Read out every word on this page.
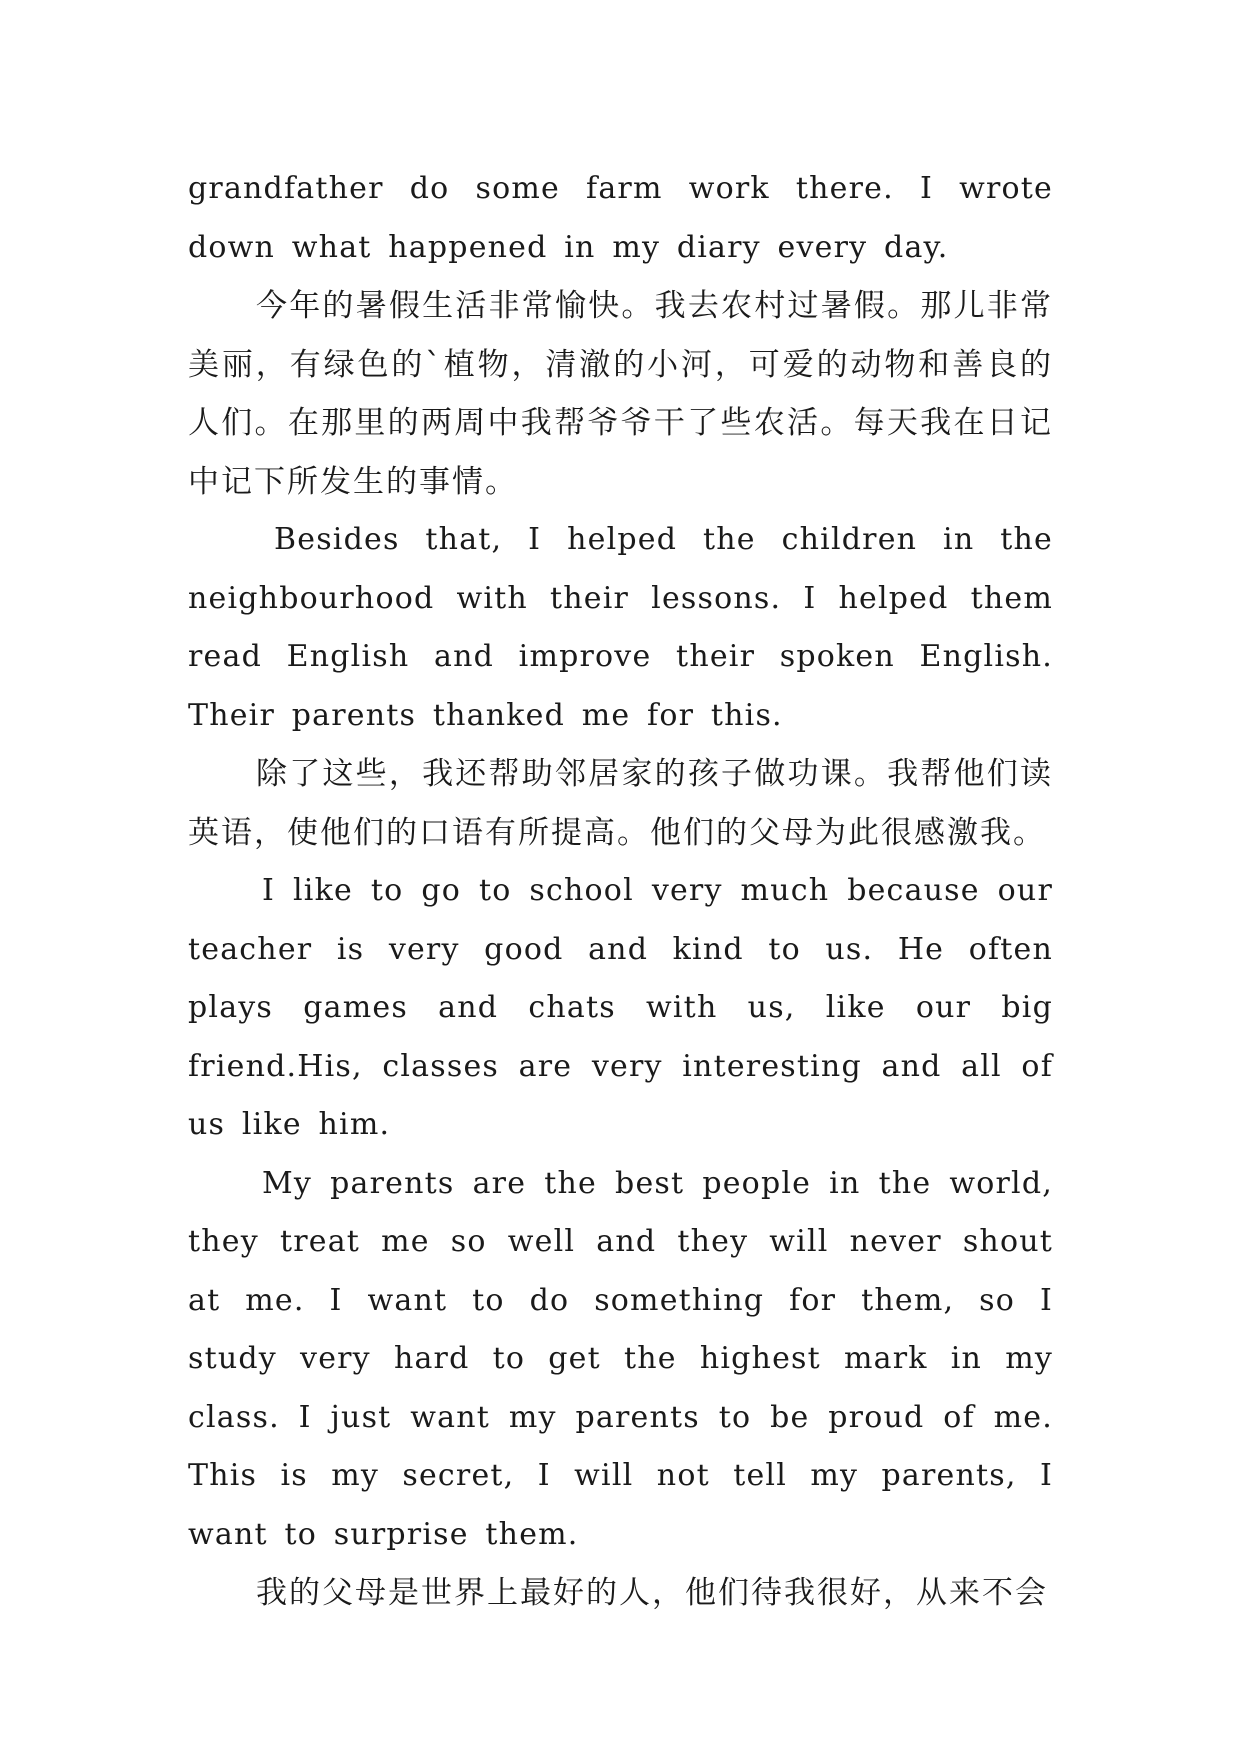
grandfather do some farm work there. I wrote down what happened in my diary every day.

今年的暑假生活非常愉快。我去农村过暑假。那儿非常美丽，有绿色的`植物，清澈的小河，可爱的动物和善良的人们。在那里的两周中我帮爷爷干了些农活。每天我在日记中记下所发生的事情。

Besides that, I helped the children in the neighbourhood with their lessons. I helped them read English and improve their spoken English. Their parents thanked me for this.

除了这些，我还帮助邻居家的孩子做功课。我帮他们读英语，使他们的口语有所提高。他们的父母为此很感激我。

I like to go to school very much because our teacher is very good and kind to us. He often plays games and chats with us, like our big friend.His, classes are very interesting and all of us like him.

My parents are the best people in the world, they treat me so well and they will never shout at me. I want to do something for them, so I study very hard to get the highest mark in my class. I just want my parents to be proud of me. This is my secret, I will not tell my parents, I want to surprise them.

我的父母是世界上最好的人，他们待我很好，从来不会
